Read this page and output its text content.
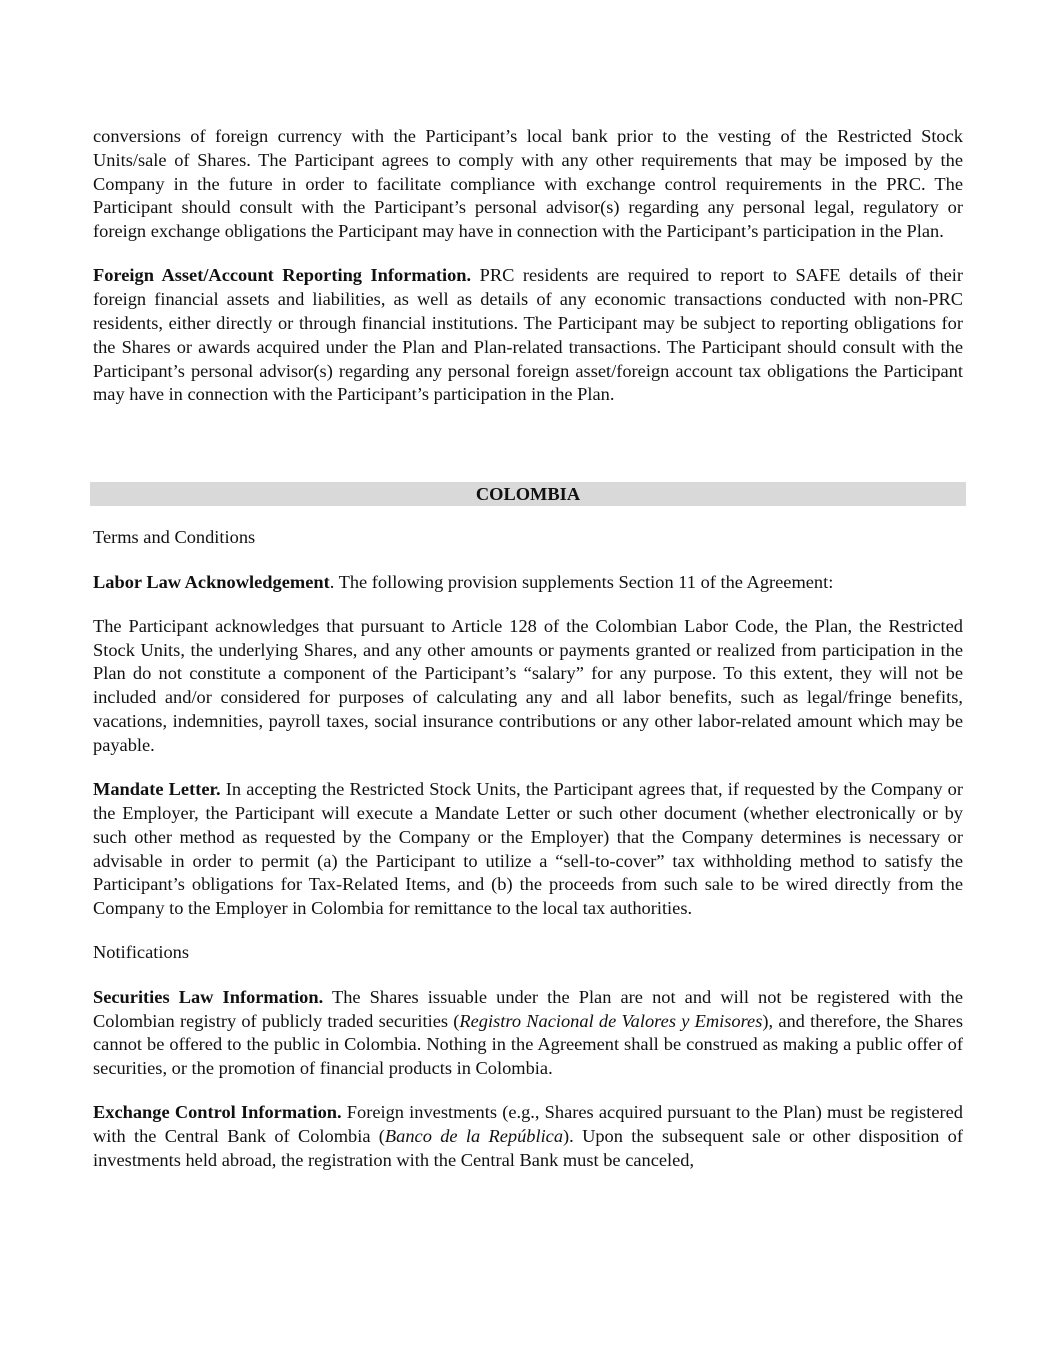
conversions of foreign currency with the Participant’s local bank prior to the vesting of the Restricted Stock Units/sale of Shares. The Participant agrees to comply with any other requirements that may be imposed by the Company in the future in order to facilitate compliance with exchange control requirements in the PRC. The Participant should consult with the Participant’s personal advisor(s) regarding any personal legal, regulatory or foreign exchange obligations the Participant may have in connection with the Participant’s participation in the Plan.

Foreign Asset/Account Reporting Information. PRC residents are required to report to SAFE details of their foreign financial assets and liabilities, as well as details of any economic transactions conducted with non-PRC residents, either directly or through financial institutions. The Participant may be subject to reporting obligations for the Shares or awards acquired under the Plan and Plan-related transactions. The Participant should consult with the Participant’s personal advisor(s) regarding any personal foreign asset/foreign account tax obligations the Participant may have in connection with the Participant’s participation in the Plan.

COLOMBIA

Terms and Conditions

Labor Law Acknowledgement. The following provision supplements Section 11 of the Agreement:

The Participant acknowledges that pursuant to Article 128 of the Colombian Labor Code, the Plan, the Restricted Stock Units, the underlying Shares, and any other amounts or payments granted or realized from participation in the Plan do not constitute a component of the Participant’s “salary” for any purpose. To this extent, they will not be included and/or considered for purposes of calculating any and all labor benefits, such as legal/fringe benefits, vacations, indemnities, payroll taxes, social insurance contributions or any other labor-related amount which may be payable.

Mandate Letter. In accepting the Restricted Stock Units, the Participant agrees that, if requested by the Company or the Employer, the Participant will execute a Mandate Letter or such other document (whether electronically or by such other method as requested by the Company or the Employer) that the Company determines is necessary or advisable in order to permit (a) the Participant to utilize a “sell-to-cover” tax withholding method to satisfy the Participant’s obligations for Tax-Related Items, and (b) the proceeds from such sale to be wired directly from the Company to the Employer in Colombia for remittance to the local tax authorities.

Notifications

Securities Law Information. The Shares issuable under the Plan are not and will not be registered with the Colombian registry of publicly traded securities (Registro Nacional de Valores y Emisores), and therefore, the Shares cannot be offered to the public in Colombia. Nothing in the Agreement shall be construed as making a public offer of securities, or the promotion of financial products in Colombia.

Exchange Control Information. Foreign investments (e.g., Shares acquired pursuant to the Plan) must be registered with the Central Bank of Colombia (Banco de la República). Upon the subsequent sale or other disposition of investments held abroad, the registration with the Central Bank must be canceled,
